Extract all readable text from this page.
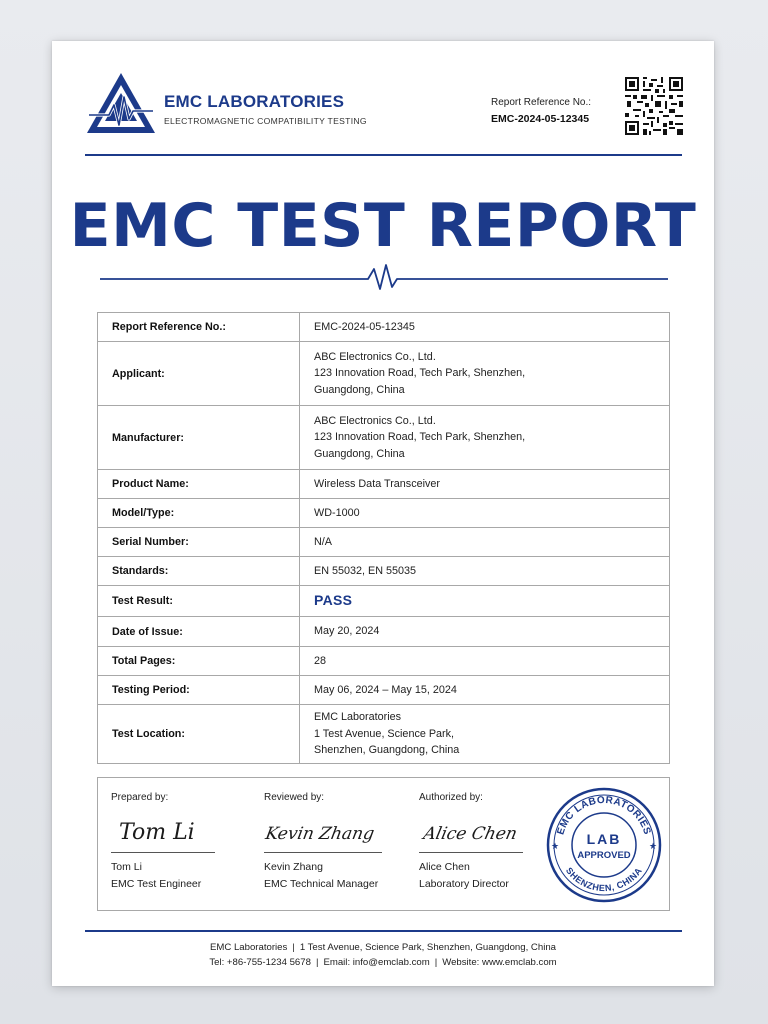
EMC LABORATORIES
ELECTROMAGNETIC COMPATIBILITY TESTING
Report Reference No.:
EMC-2024-05-12345
EMC TEST REPORT
Report Reference No.:	EMC-2024-05-12345
Applicant:	ABC Electronics Co., Ltd.
123 Innovation Road, Tech Park, Shenzhen,
Guangdong, China

Manufacturer:	ABC Electronics Co., Ltd.
123 Innovation Road, Tech Park, Shenzhen,
Guangdong, China

Product Name:	Wireless Data Transceiver
Model/Type:	WD-1000
Serial Number:	N/A
Standards:	EN 55032, EN 55035
Test Result:	PASS
Date of Issue:	May 20, 2024
Total Pages:	28
Testing Period:	May 06, 2024 – May 15, 2024
Test Location:	EMC Laboratories
1 Test Avenue, Science Park,
Shenzhen, Guangdong, China
Prepared by:
Tom Li
Tom Li
EMC Test Engineer
Reviewed by:
Kevin Zhang
Kevin Zhang
EMC Technical Manager
Authorized by:
Alice Chen
Alice Chen
Laboratory Director
EMC LABORATORIES
SHENZHEN, CHINA
★	★
LAB
APPROVED
EMC Laboratories | 1 Test Avenue, Science Park, Shenzhen, Guangdong, China
Tel: +86-755-1234 5678 | Email: info@emclab.com | Website: www.emclab.com
